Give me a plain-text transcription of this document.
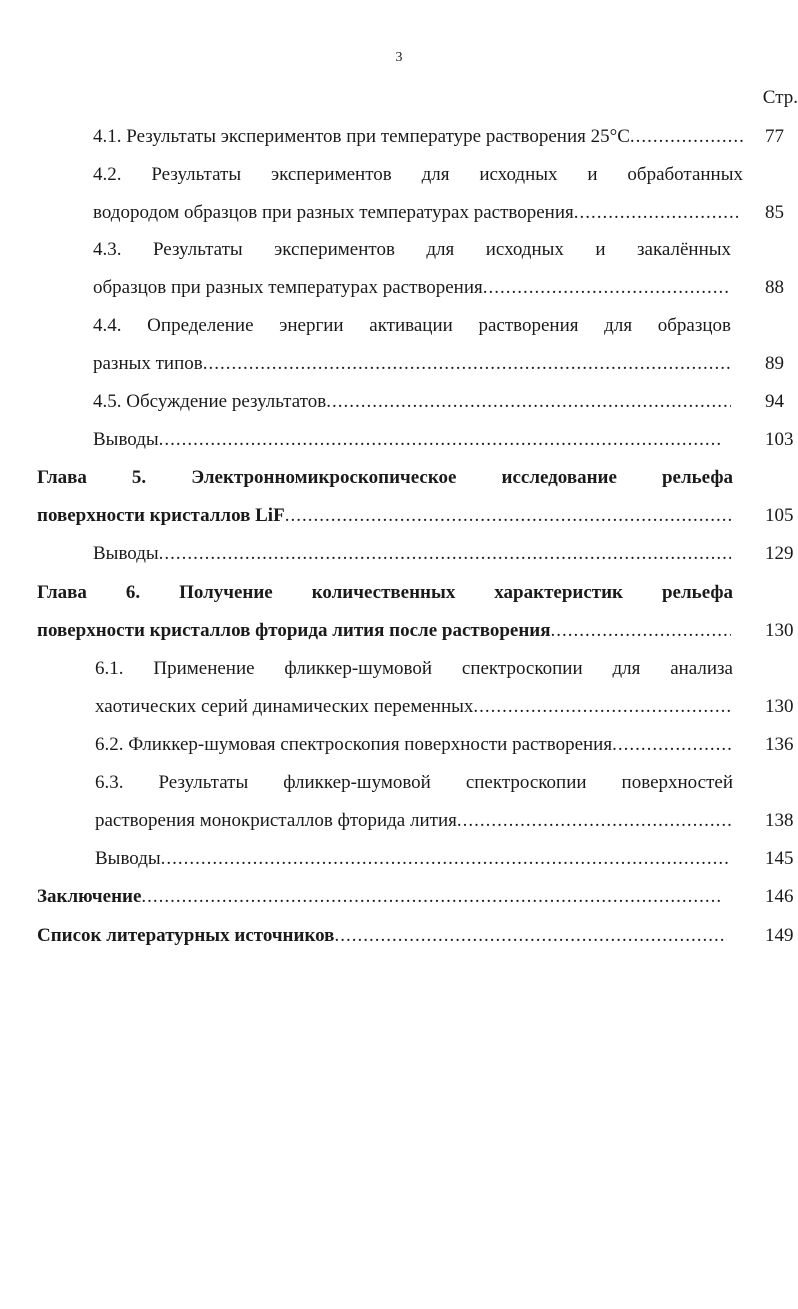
3
Стр.
4.1. Результаты экспериментов при температуре растворения 25°С .....	77
4.2. Результаты экспериментов для исходных и обработанных
водородом образцов при разных температурах растворения .....	85
4.3. Результаты экспериментов для исходных и закалённых
образцов при разных температурах растворения .....	88
4.4. Определение энергии активации растворения для образцов
разных типов .....	89
4.5. Обсуждение результатов .....	94
Выводы .....	103
Глава 5. Электронномикроскопическое исследование рельефа
поверхности кристаллов LiF .....	105
Выводы .....	129
Глава 6. Получение количественных характеристик рельефа
поверхности кристаллов фторида лития после растворения .....	130
6.1. Применение фликкер-шумовой спектроскопии для анализа
хаотических серий динамических переменных .....	130
6.2. Фликкер-шумовая спектроскопия поверхности растворения .....	136
6.3. Результаты фликкер-шумовой спектроскопии поверхностей
растворения монокристаллов фторида лития .....	138
Выводы .....	145
Заключение .....	146
Список литературных источников .....	149
